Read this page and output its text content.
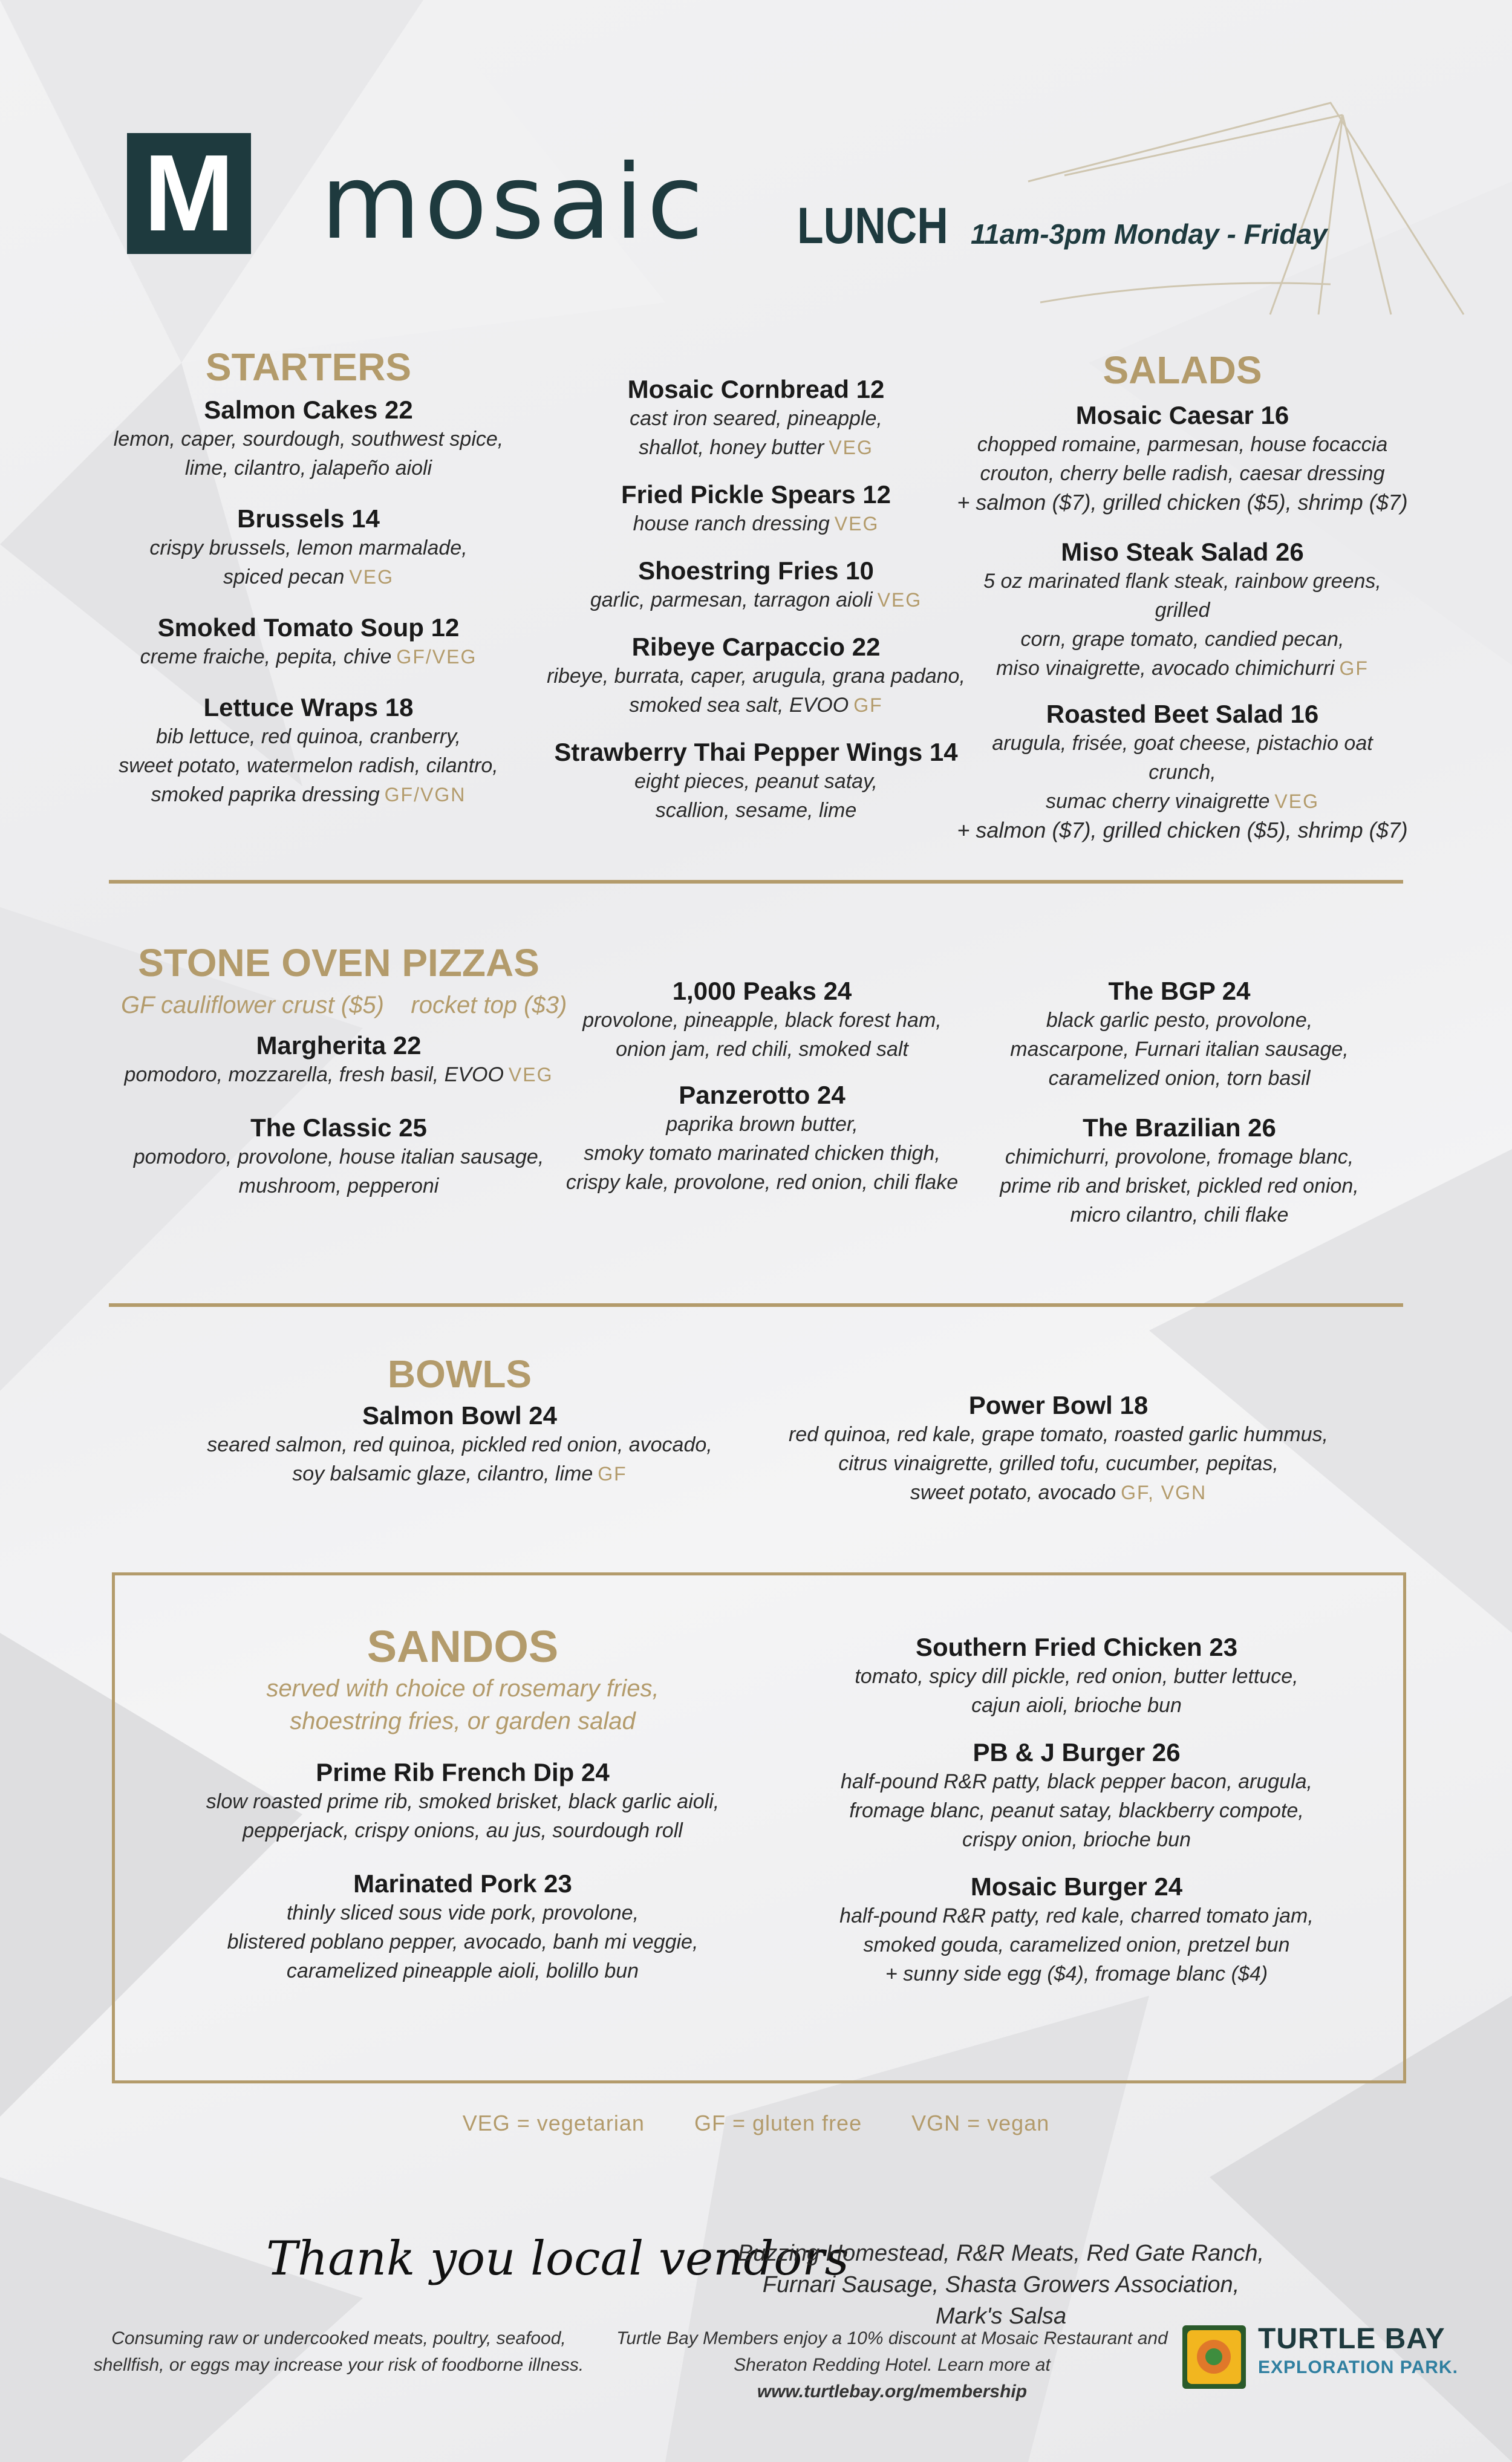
M mosaic LUNCH 11am-3pm Monday - Friday
STARTERS
Salmon Cakes 22
lemon, caper, sourdough, southwest spice,
lime, cilantro, jalapeño aioli
Brussels 14
crispy brussels, lemon marmalade,
spiced pecan VEG
Smoked Tomato Soup 12
creme fraiche, pepita, chive GF/VEG
Lettuce Wraps 18
bib lettuce, red quinoa, cranberry,
sweet potato, watermelon radish, cilantro,
smoked paprika dressing GF/VGN
Mosaic Cornbread 12
cast iron seared, pineapple,
shallot, honey butter VEG
Fried Pickle Spears 12
house ranch dressing VEG
Shoestring Fries 10
garlic, parmesan, tarragon aioli VEG
Ribeye Carpaccio 22
ribeye, burrata, caper, arugula, grana padano,
smoked sea salt, EVOO GF
Strawberry Thai Pepper Wings 14
eight pieces, peanut satay,
scallion, sesame, lime
SALADS
Mosaic Caesar 16
chopped romaine, parmesan, house focaccia
crouton, cherry belle radish, caesar dressing
+ salmon ($7), grilled chicken ($5), shrimp ($7)
Miso Steak Salad 26
5 oz marinated flank steak, rainbow greens, grilled
corn, grape tomato, candied pecan,
miso vinaigrette, avocado chimichurri GF
Roasted Beet Salad 16
arugula, frisée, goat cheese, pistachio oat crunch,
sumac cherry vinaigrette VEG
+ salmon ($7), grilled chicken ($5), shrimp ($7)
STONE OVEN PIZZAS
GF cauliflower crust ($5)    rocket top ($3)
Margherita 22
pomodoro, mozzarella, fresh basil, EVOO VEG
The Classic 25
pomodoro, provolone, house italian sausage,
mushroom, pepperoni
1,000 Peaks 24
provolone, pineapple, black forest ham,
onion jam, red chili, smoked salt
Panzerotto 24
paprika brown butter,
smoky tomato marinated chicken thigh,
crispy kale, provolone, red onion, chili flake
The BGP 24
black garlic pesto, provolone,
mascarpone, Furnari italian sausage,
caramelized onion, torn basil
The Brazilian 26
chimichurri, provolone, fromage blanc,
prime rib and brisket, pickled red onion,
micro cilantro, chili flake
BOWLS
Salmon Bowl 24
seared salmon, red quinoa, pickled red onion, avocado,
soy balsamic glaze, cilantro, lime GF
Power Bowl 18
red quinoa, red kale, grape tomato, roasted garlic hummus,
citrus vinaigrette, grilled tofu, cucumber, pepitas,
sweet potato, avocado GF, VGN
SANDOS
served with choice of rosemary fries,
shoestring fries, or garden salad
Prime Rib French Dip 24
slow roasted prime rib, smoked brisket, black garlic aioli,
pepperjack, crispy onions, au jus, sourdough roll
Marinated Pork 23
thinly sliced sous vide pork, provolone,
blistered poblano pepper, avocado, banh mi veggie,
caramelized pineapple aioli, bolillo bun
Southern Fried Chicken 23
tomato, spicy dill pickle, red onion, butter lettuce,
cajun aioli, brioche bun
PB & J Burger 26
half-pound R&R patty, black pepper bacon, arugula,
fromage blanc, peanut satay, blackberry compote,
crispy onion, brioche bun
Mosaic Burger 24
half-pound R&R patty, red kale, charred tomato jam,
smoked gouda, caramelized onion, pretzel bun
+ sunny side egg ($4), fromage blanc ($4)
VEG = vegetarian GF = gluten free VGN = vegan
Thank you local vendors
Buzzing Homestead, R&R Meats, Red Gate Ranch,
Furnari Sausage, Shasta Growers Association, Mark's Salsa
Consuming raw or undercooked meats, poultry, seafood,
shellfish, or eggs may increase your risk of foodborne illness.
Turtle Bay Members enjoy a 10% discount at Mosaic Restaurant and
Sheraton Redding Hotel. Learn more at www.turtlebay.org/membership
TURTLE BAY
EXPLORATION PARK.
